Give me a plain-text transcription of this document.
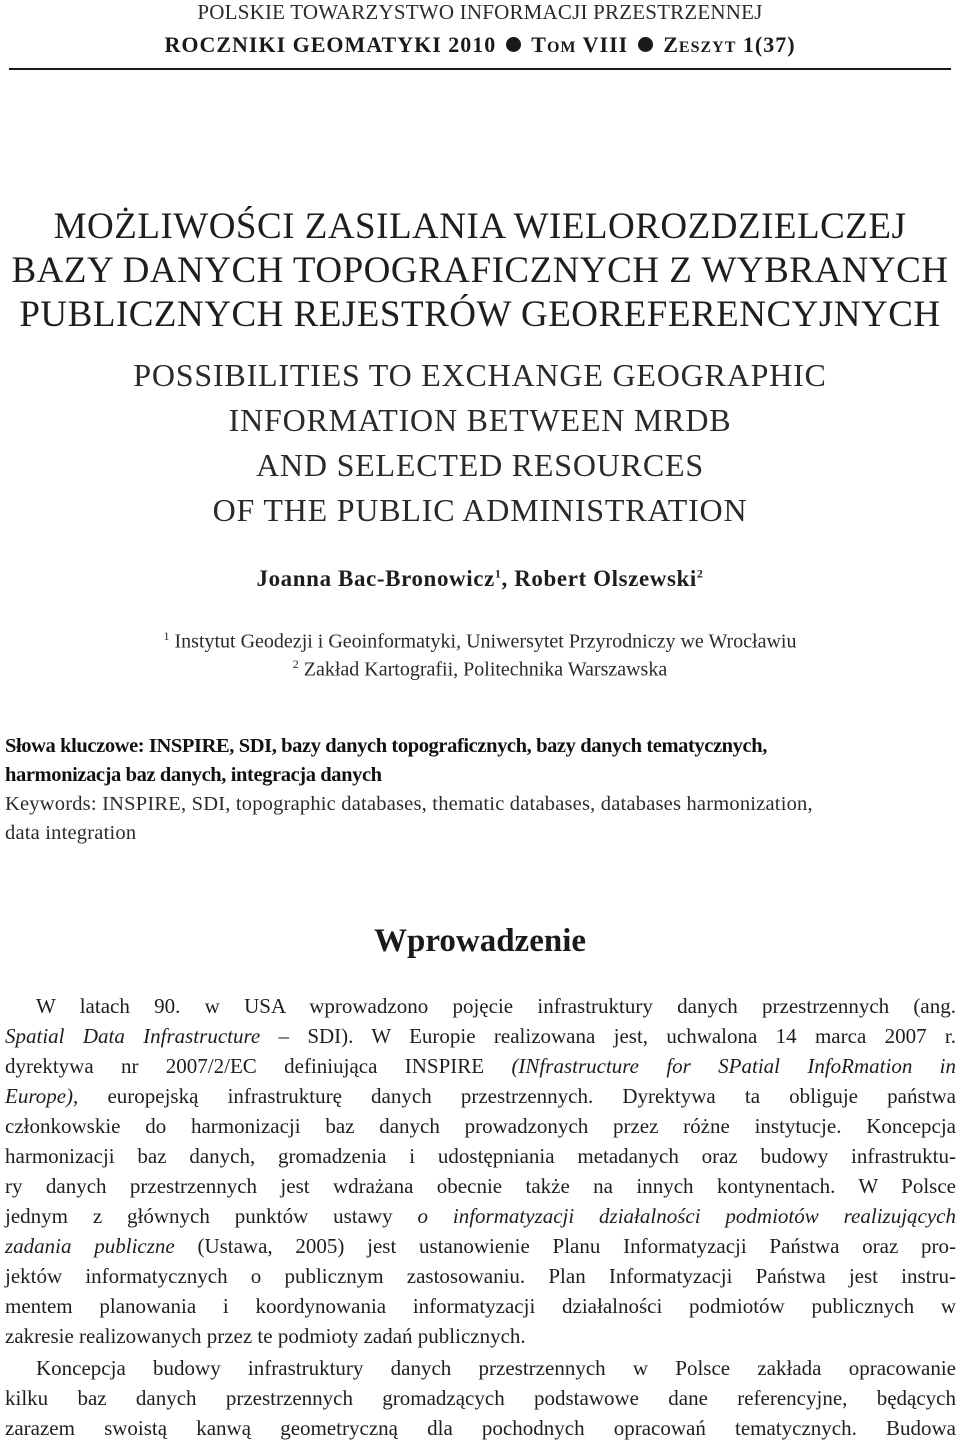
POLSKIE TOWARZYSTWO INFORMACJI PRZESTRZENNEJ
ROCZNIKI GEOMATYKI 2010 TOM VIII ZESZYT 1(37)
MOŻLIWOŚCI ZASILANIA WIELOROZDZIELCZEJ
BAZY DANYCH TOPOGRAFICZNYCH Z WYBRANYCH
PUBLICZNYCH REJESTRÓW GEOREFERENCYJNYCH
POSSIBILITIES TO EXCHANGE GEOGRAPHIC
INFORMATION BETWEEN MRDB
AND SELECTED RESOURCES
OF THE PUBLIC ADMINISTRATION
Joanna Bac-Bronowicz$^1$, Robert Olszewski$^2$
$^1$ Instytut Geodezji i Geoinformatyki, Uniwersytet Przyrodniczy we Wrocławiu
$^2$ Zakład Kartografii, Politechnika Warszawska
Słowa kluczowe: INSPIRE, SDI, bazy danych topograficznych, bazy danych tematycznych,
harmonizacja baz danych, integracja danych
Keywords: INSPIRE, SDI, topographic databases, thematic databases, databases harmonization,
data integration
Wprowadzenie
W latach 90. w USA wprowadzono pojęcie infrastruktury danych przestrzennych (ang.
Spatial Data Infrastructure – SDI). W Europie realizowana jest, uchwalona 14 marca 2007 r.
dyrektywa nr 2007/2/EC definiująca INSPIRE (INfrastructure for SPatial InfoRmation in
Europe), europejską infrastrukturę danych przestrzennych. Dyrektywa ta obliguje państwa
członkowskie do harmonizacji baz danych prowadzonych przez różne instytucje. Koncepcja
harmonizacji baz danych, gromadzenia i udostępniania metadanych oraz budowy infrastruktu-
ry danych przestrzennych jest wdrażana obecnie także na innych kontynentach. W Polsce
jednym z głównych punktów ustawy o informatyzacji działalności podmiotów realizujących
zadania publiczne (Ustawa, 2005) jest ustanowienie Planu Informatyzacji Państwa oraz pro-
jektów informatycznych o publicznym zastosowaniu. Plan Informatyzacji Państwa jest instru-
mentem planowania i koordynowania informatyzacji działalności podmiotów publicznych w
zakresie realizowanych przez te podmioty zadań publicznych.
Koncepcja budowy infrastruktury danych przestrzennych w Polsce zakłada opracowanie
kilku baz danych przestrzennych gromadzących podstawowe dane referencyjne, będących
zarazem swoistą kanwą geometryczną dla pochodnych opracowań tematycznych. Budowa
